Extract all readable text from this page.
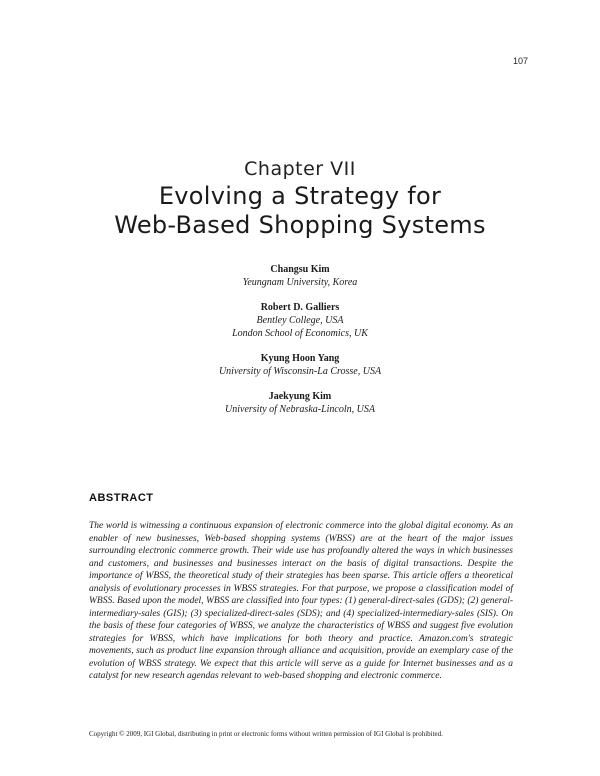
107
Chapter VII
Evolving a Strategy for
Web-Based Shopping Systems
Changsu Kim
Yeungnam University, Korea
Robert D. Galliers
Bentley College, USA
London School of Economics, UK
Kyung Hoon Yang
University of Wisconsin-La Crosse, USA
Jaekyung Kim
University of Nebraska-Lincoln, USA
ABSTRACT

The world is witnessing a continuous expansion of electronic commerce into the global digital economy. As an enabler of new businesses, Web-based shopping systems (WBSS) are at the heart of the major issues surrounding electronic commerce growth. Their wide use has profoundly altered the ways in which businesses and customers, and businesses and businesses interact on the basis of digital transactions. Despite the importance of WBSS, the theoretical study of their strategies has been sparse. This article offers a theoretical analysis of evolutionary processes in WBSS strategies. For that purpose, we propose a classification model of WBSS. Based upon the model, WBSS are classified into four types: (1) general-direct-sales (GDS); (2) general-intermediary-sales (GIS); (3) specialized-direct-sales (SDS); and (4) specialized-intermediary-sales (SIS). On the basis of these four categories of WBSS, we analyze the characteristics of WBSS and suggest five evolution strategies for WBSS, which have implications for both theory and practice. Amazon.com's strategic movements, such as product line expansion through alliance and acquisition, provide an exemplary case of the evolution of WBSS strategy. We expect that this article will serve as a guide for Internet businesses and as a catalyst for new research agendas relevant to web-based shopping and electronic commerce.

Copyright © 2009, IGI Global, distributing in print or electronic forms without written permission of IGI Global is prohibited.
